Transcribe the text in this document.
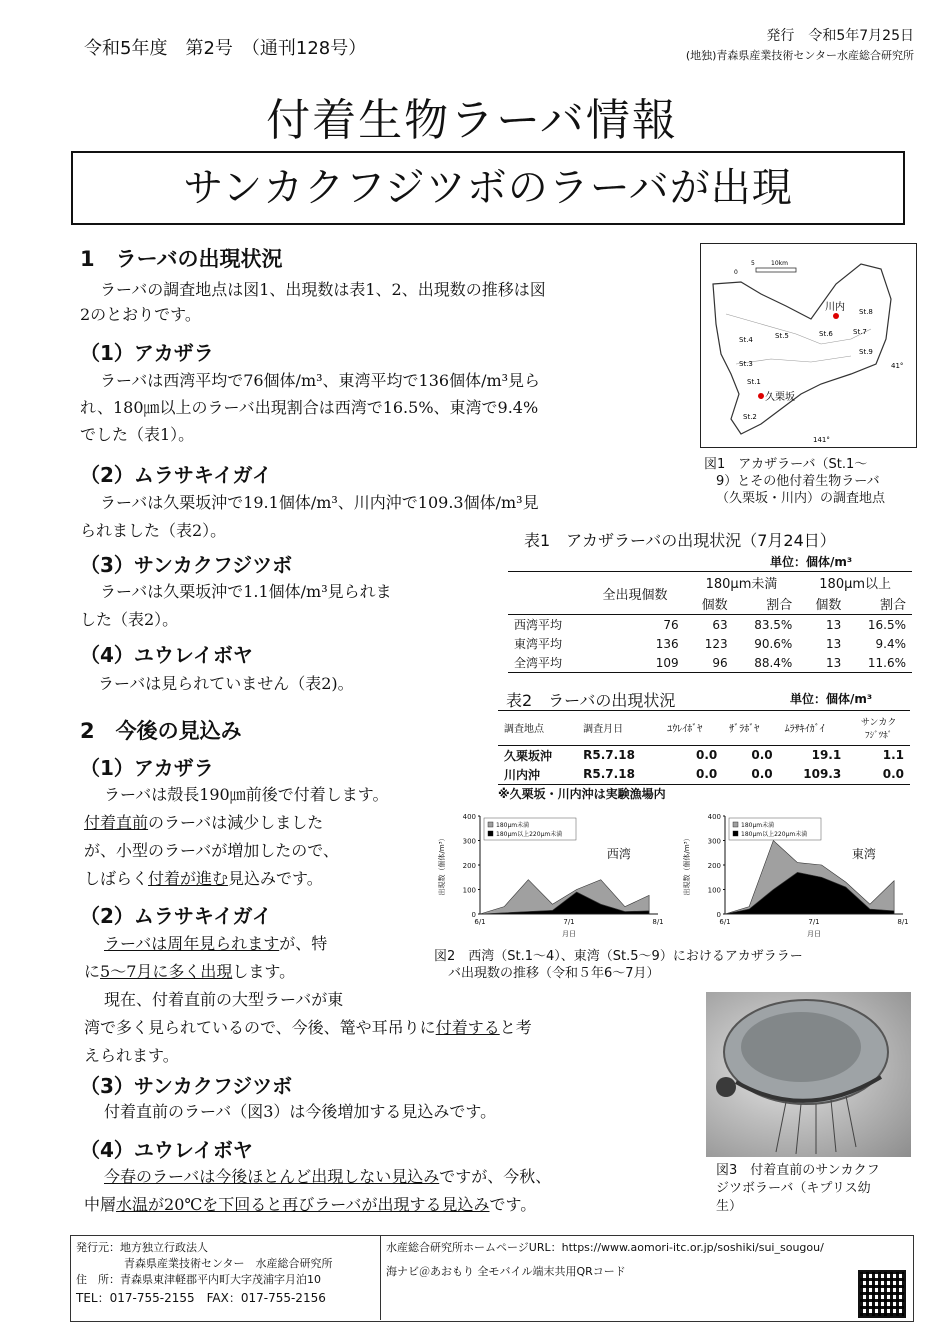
令和5年度　第2号　（通刊128号）
発行　令和5年7月25日
(地独)青森県産業技術センター水産総合研究所
付着生物ラーバ情報
サンカクフジツボのラーバが出現
1　ラーバの出現状況
ラーバの調査地点は図1、出現数は表1、2、出現数の推移は図
2のとおりです。
（1）アカザラ
ラーバは西湾平均で76個体/m³、東湾平均で136個体/m³見ら
れ、180㎛以上のラーバ出現割合は西湾で16.5%、東湾で9.4%
でした（表1）。
（2）ムラサキイガイ
ラーバは久栗坂沖で19.1個体/m³、川内沖で109.3個体/m³見
られました（表2）。
（3）サンカクフジツボ
ラーバは久栗坂沖で1.1個体/m³見られま
した（表2）。
（4）ユウレイボヤ
ラーバは見られていません（表2)。
0
5	10km
川内
久栗坂
St.1
St.2
St.3
St.4	St.5	St.6	St.7
St.8
St.9
41°
141°
図1　アカザラーバ（St.1～
9）とその他付着生物ラーバ
（久栗坂・川内）の調査地点
表1　アカザラーバの出現状況（7月24日）
単位：個体/m³
	全出現個数	180μm未満		180μm以上	
		個数	割合	個数	割合
西湾平均	76	63	83.5%	13	16.5%
東湾平均	136	123	90.6%	13	9.4%
全湾平均	109	96	88.4%	13	11.6%
表2　ラーバの出現状況	単位：個体/m³
調査地点	調査月日	ﾕｳﾚｲﾎﾞﾔ	ｻﾞﾗﾎﾞﾔ	ﾑﾗｻｷｲｶﾞｲ	サンカク
ﾌｼﾞﾂﾎﾞ
久栗坂沖	R5.7.18	0.0	0.0	19.1	1.1
川内沖	R5.7.18	0.0	0.0	109.3	0.0
※久栗坂・川内沖は実験漁場内
2　今後の見込み
（1）アカザラ
ラーバは殻長190㎛前後で付着します。
付着直前のラーバは減少しました
が、小型のラーバが増加したので、
しばらく付着が進む見込みです。
（2）ムラサキイガイ
ラーバは周年見られますが、特
に5～7月に多く出現します。
現在、付着直前の大型ラーバが東
湾で多く見られているので、今後、篭や耳吊りに付着すると考
えられます。
（3）サンカクフジツボ
付着直前のラーバ（図3）は今後増加する見込みです。
（4）ユウレイボヤ
今春のラーバは今後ほとんど出現しない見込みですが、今秋、
中層水温が20℃を下回ると再びラーバが出現する見込みです。
0
100
200
300
400
6/1	7/1	8/1
180μm未満
180μm以上220μm未満
西湾
月日
出現数（個体/m³）
0
100
200
300
400
6/1	7/1	8/1
180μm未満
180μm以上220μm未満
東湾
月日
出現数（個体/m³）
図2　西湾（St.1～4）、東湾（St.5～9）におけるアカザララー
バ出現数の推移（令和５年6～7月）
図3　付着直前のサンカクフ
ジツボラーバ（キプリス幼
生）
発行元：地方独立行政法人
青森県産業技術センター　水産総合研究所
住　所：青森県東津軽郡平内町大字茂浦字月泊10
TEL：017-755-2155　FAX：017-755-2156
水産総合研究所ホームページURL：https://www.aomori-itc.or.jp/soshiki/sui_sougou/
海ナビ＠あおもり 全モバイル端末共用QRコード
